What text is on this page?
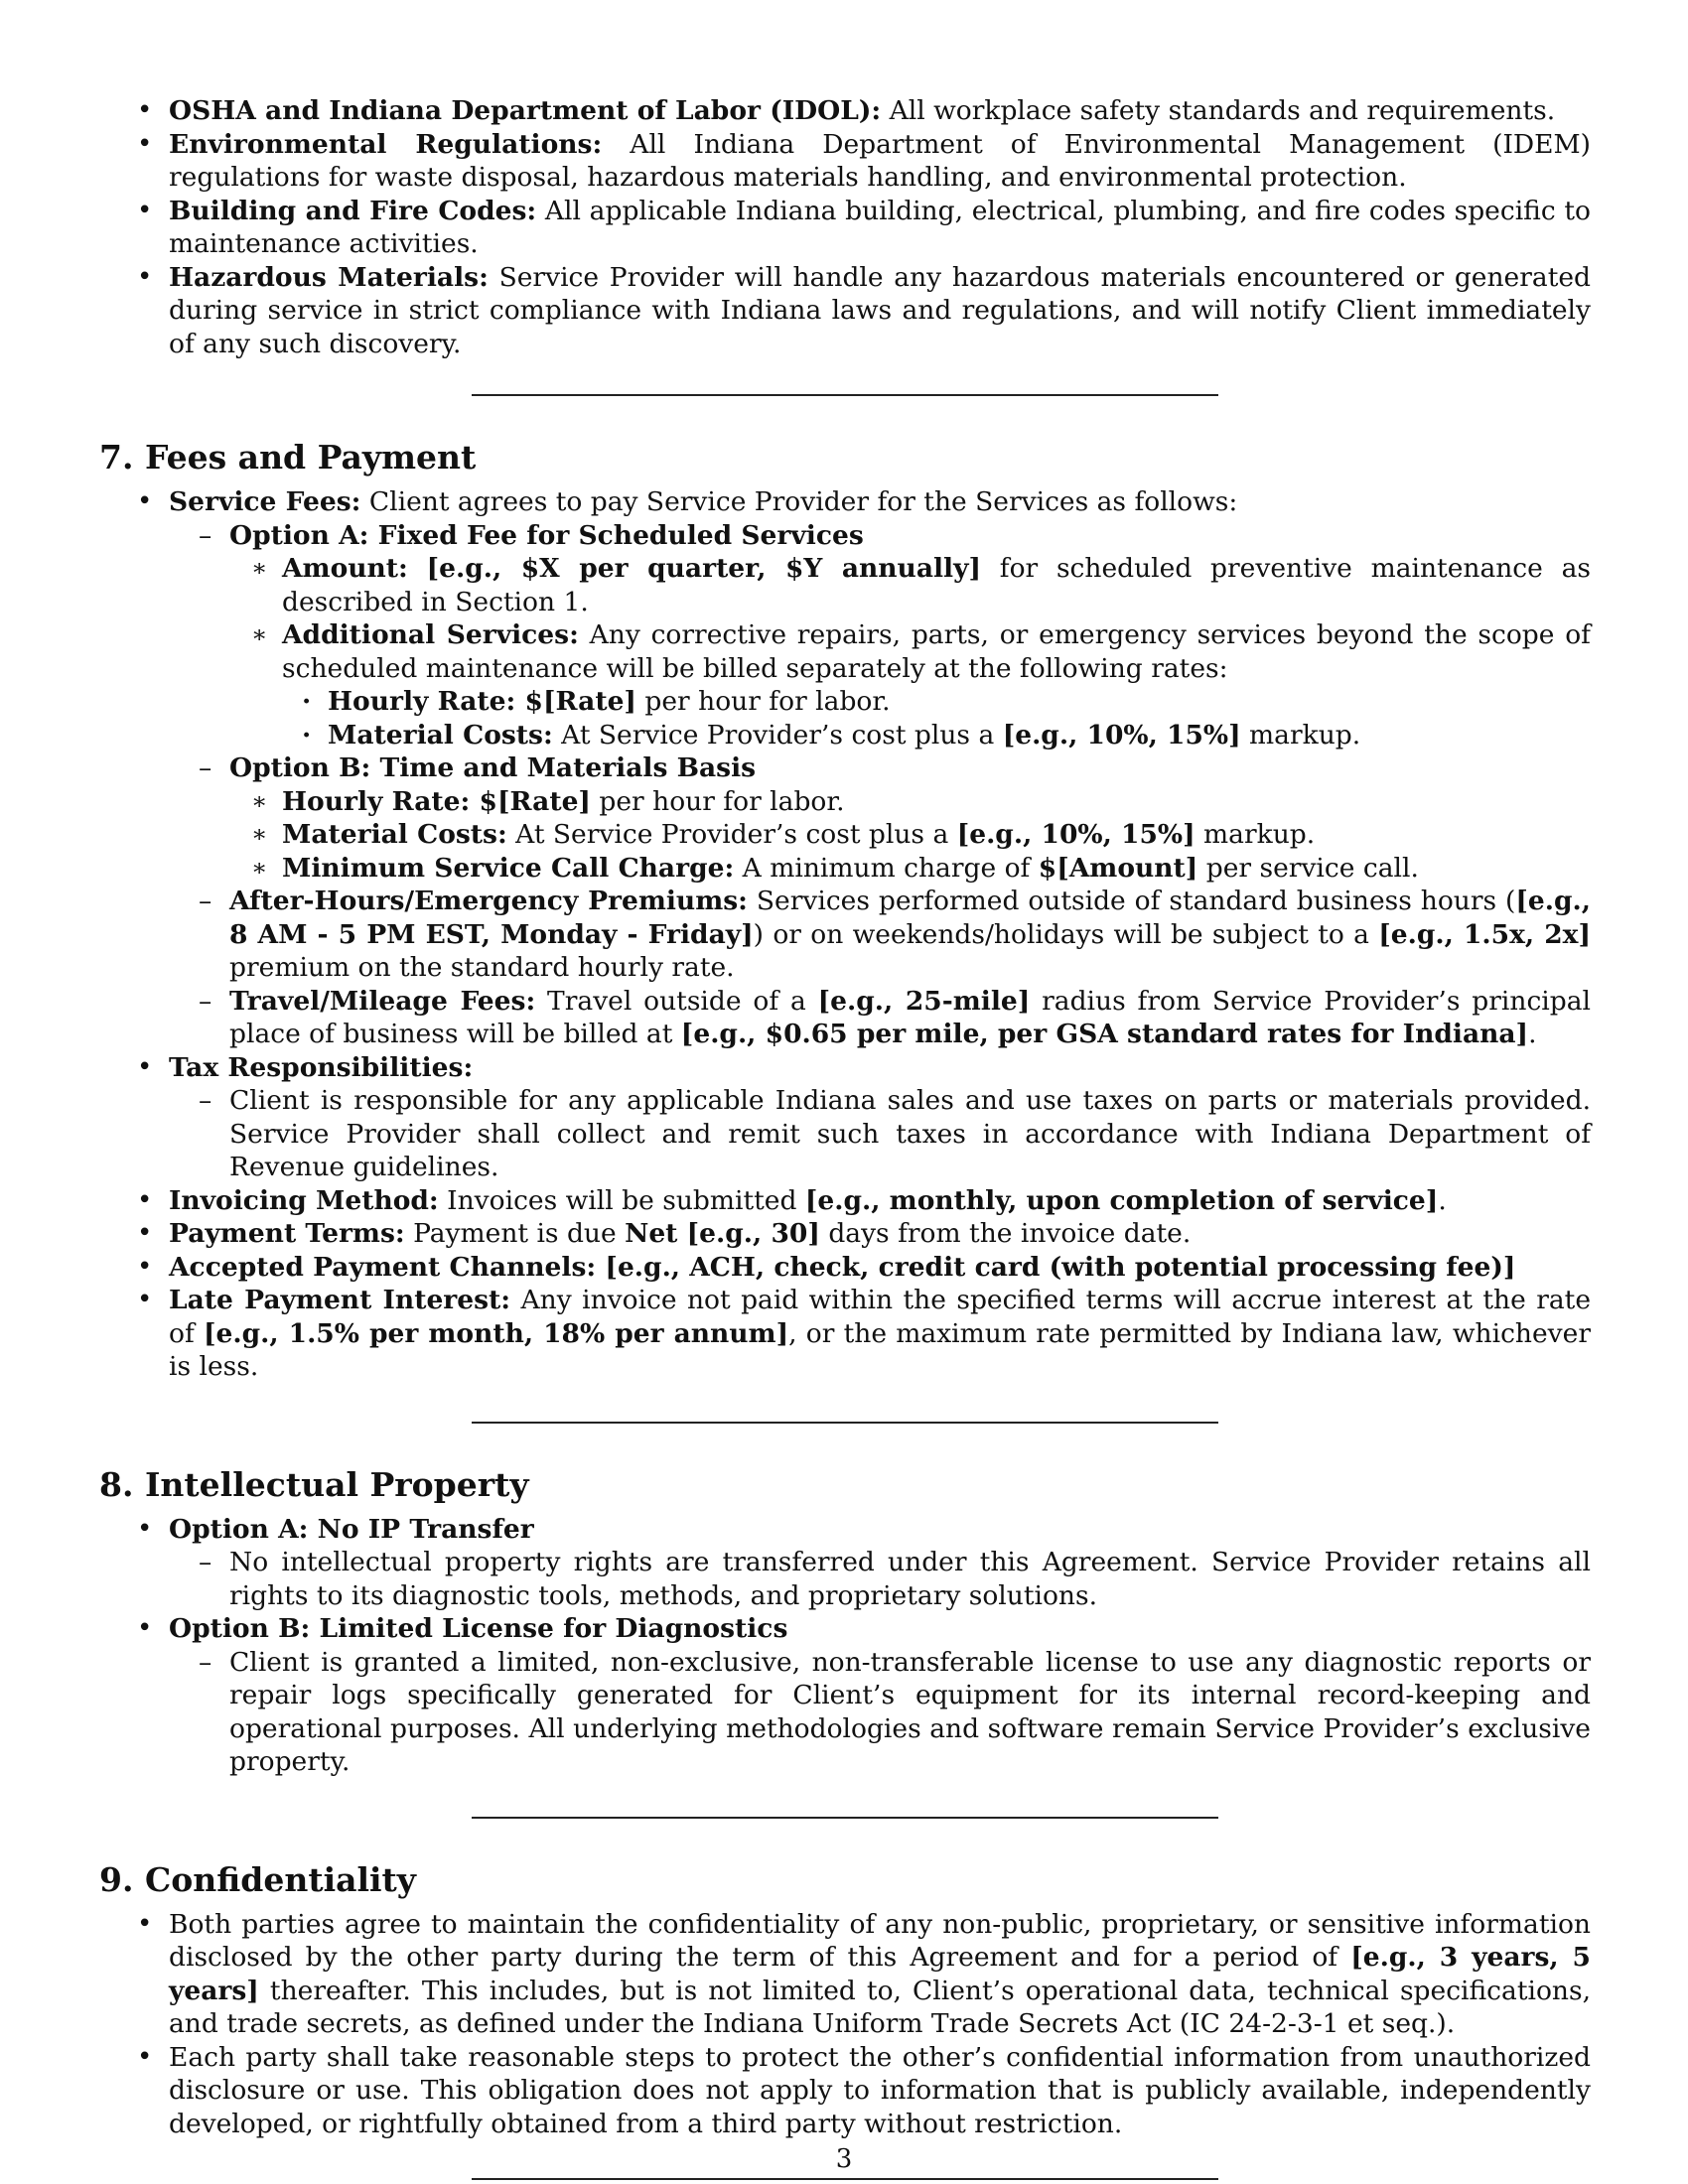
• OSHA and Indiana Department of Labor (IDOL): All workplace safety standards and requirements.
• Environmental Regulations: All Indiana Department of Environmental Management (IDEM) regulations for waste disposal, hazardous materials handling, and environmental protection.
• Building and Fire Codes: All applicable Indiana building, electrical, plumbing, and fire codes specific to maintenance activities.
• Hazardous Materials: Service Provider will handle any hazardous materials encountered or generated during service in strict compliance with Indiana laws and regulations, and will notify Client immediately of any such discovery.
7. Fees and Payment
• Service Fees: Client agrees to pay Service Provider for the Services as follows:
– Option A: Fixed Fee for Scheduled Services
∗ Amount: [e.g., $X per quarter, $Y annually] for scheduled preventive maintenance as described in Section 1.
∗ Additional Services: Any corrective repairs, parts, or emergency services beyond the scope of scheduled maintenance will be billed separately at the following rates:
· Hourly Rate: $[Rate] per hour for labor.
· Material Costs: At Service Provider’s cost plus a [e.g., 10%, 15%] markup.
– Option B: Time and Materials Basis
∗ Hourly Rate: $[Rate] per hour for labor.
∗ Material Costs: At Service Provider’s cost plus a [e.g., 10%, 15%] markup.
∗ Minimum Service Call Charge: A minimum charge of $[Amount] per service call.
– After-Hours/Emergency Premiums: Services performed outside of standard business hours ([e.g., 8 AM - 5 PM EST, Monday - Friday]) or on weekends/holidays will be subject to a [e.g., 1.5x, 2x] premium on the standard hourly rate.
– Travel/Mileage Fees: Travel outside of a [e.g., 25-mile] radius from Service Provider’s principal place of business will be billed at [e.g., $0.65 per mile, per GSA standard rates for Indiana].
• Tax Responsibilities:
– Client is responsible for any applicable Indiana sales and use taxes on parts or materials provided. Service Provider shall collect and remit such taxes in accordance with Indiana Department of Revenue guidelines.
• Invoicing Method: Invoices will be submitted [e.g., monthly, upon completion of service].
• Payment Terms: Payment is due Net [e.g., 30] days from the invoice date.
• Accepted Payment Channels: [e.g., ACH, check, credit card (with potential processing fee)]
• Late Payment Interest: Any invoice not paid within the specified terms will accrue interest at the rate of [e.g., 1.5% per month, 18% per annum], or the maximum rate permitted by Indiana law, whichever is less.
8. Intellectual Property
• Option A: No IP Transfer
– No intellectual property rights are transferred under this Agreement. Service Provider retains all rights to its diagnostic tools, methods, and proprietary solutions.
• Option B: Limited License for Diagnostics
– Client is granted a limited, non-exclusive, non-transferable license to use any diagnostic reports or repair logs specifically generated for Client’s equipment for its internal record-keeping and operational purposes. All underlying methodologies and software remain Service Provider’s exclusive property.
9. Confidentiality
• Both parties agree to maintain the confidentiality of any non-public, proprietary, or sensitive information disclosed by the other party during the term of this Agreement and for a period of [e.g., 3 years, 5 years] thereafter. This includes, but is not limited to, Client’s operational data, technical specifications, and trade secrets, as defined under the Indiana Uniform Trade Secrets Act (IC 24-2-3-1 et seq.).
• Each party shall take reasonable steps to protect the other’s confidential information from unauthorized disclosure or use. This obligation does not apply to information that is publicly available, independently developed, or rightfully obtained from a third party without restriction.
3
